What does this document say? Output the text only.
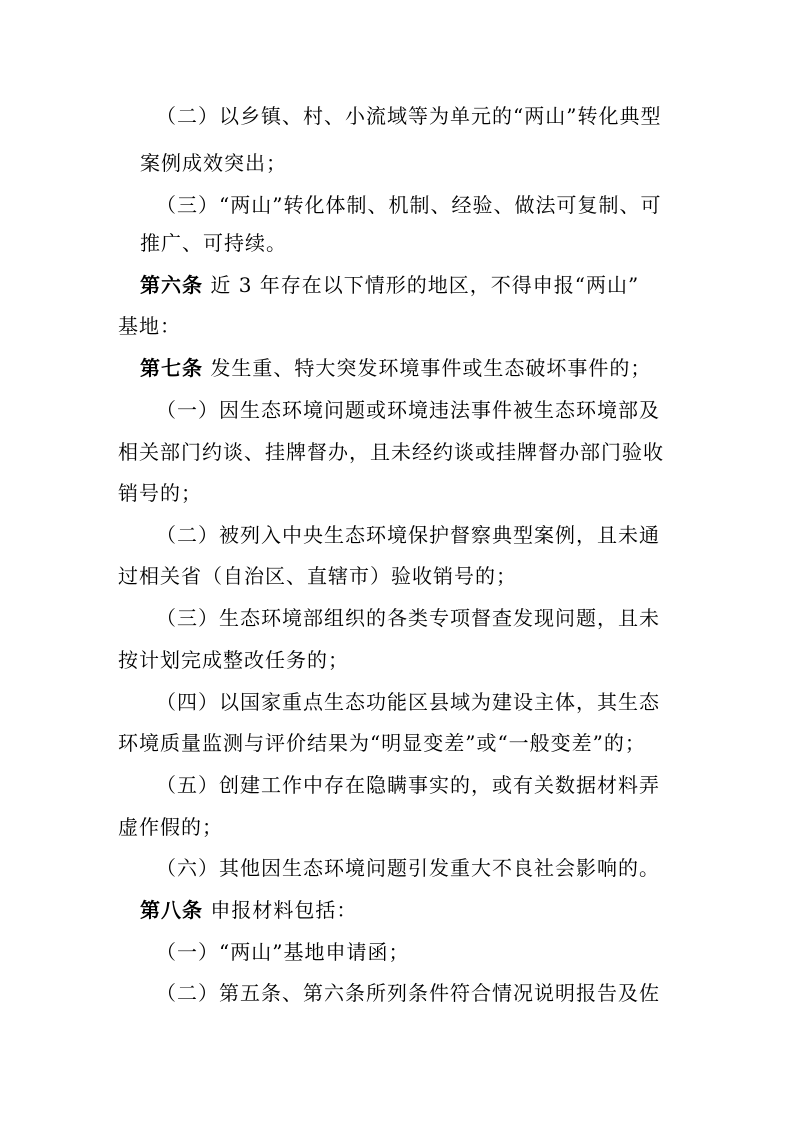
（二）以乡镇、村、小流域等为单元的“两山”转化典型
案例成效突出；
（三）“两山”转化体制、机制、经验、做法可复制、可
推广、可持续。
第六条 近 3 年存在以下情形的地区，不得申报“两山”
基地：
第七条 发生重、特大突发环境事件或生态破坏事件的；
（一）因生态环境问题或环境违法事件被生态环境部及
相关部门约谈、挂牌督办，且未经约谈或挂牌督办部门验收
销号的；
（二）被列入中央生态环境保护督察典型案例，且未通
过相关省（自治区、直辖市）验收销号的；
（三）生态环境部组织的各类专项督查发现问题，且未
按计划完成整改任务的；
（四）以国家重点生态功能区县域为建设主体，其生态
环境质量监测与评价结果为“明显变差”或“一般变差”的；
（五）创建工作中存在隐瞒事实的，或有关数据材料弄
虚作假的；
（六）其他因生态环境问题引发重大不良社会影响的。
第八条 申报材料包括：
（一）“两山”基地申请函；
（二）第五条、第六条所列条件符合情况说明报告及佐
